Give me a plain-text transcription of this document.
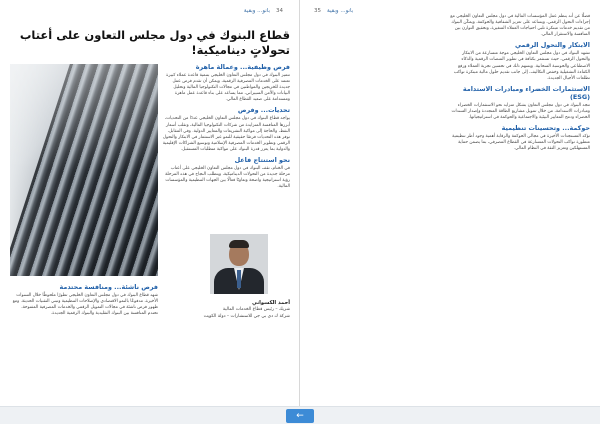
بانو... وبقية 34
قطاع البنوك في دول مجلس التعاون على أعتاب تحولاتٍ ديناميكية!
فرص وظيفية... وعمالة ماهرة

تتميز البنوك في دول مجلس التعاون الخليجي بتنمية قاعدة عملاء كبيرة تعتمد على الخدمات المصرفية الرقمية، ويمكن أن تقدم فرص عمل جديدة للخريجين والمواطنين في مجالات التكنولوجيا المالية وتحليل البيانات والأمن السيبراني، مما يساعد على بناء قاعدة عمل ماهرة ومستدامة على صعيد القطاع المالي.

تحديات... وفرص

يواجه قطاع البنوك في دول مجلس التعاون الخليجي عددًا من التحديات، أبرزها المنافسة المتزايدة من شركات التكنولوجيا المالية، وتقلب أسعار النفط، والحاجة إلى مواكبة التشريعات والمعايير الدولية. وفي المقابل، توفر هذه التحديات فرصًا حقيقية للنمو عبر الاستثمار في الابتكار والتحول الرقمي وتطوير الخدمات المصرفية الإسلامية وتوسيع الشراكات الإقليمية والدولية بما يعزز قدرة البنوك على مواكبة متطلبات المستقبل.

نحو استنتاج فاعل

في الختام، تقف البنوك في دول مجلس التعاون الخليجي على أعتاب مرحلة جديدة من التحولات الديناميكية، ويتطلب النجاح في هذه المرحلة رؤية استراتيجية واضحة وتعاونًا فعالًا بين الجهات التنظيمية والمؤسسات المالية.

فرص ناشئة... ومنافسة محتدمة

شهد قطاع البنوك في دول مجلس التعاون الخليجي تطورًا ملحوظًا خلال السنوات الأخيرة، مدفوعًا بالنمو الاقتصادي والإصلاحات التنظيمية وتبني التقنيات الحديثة. ومع ظهور فرص ناشئة في مجالات التمويل الرقمي والخدمات المصرفية المفتوحة، تحتدم المنافسة بين البنوك التقليدية والبنوك الرقمية الجديدة.

أحمد الكسواني
شريك – رئيس قطاع الخدمات المالية
شركة ك دي بي جي للاستشارات – دولة الكويت
35 بانو... وبقية

فضلًا عن أنه ينظم عمل المؤسسات المالية في دول مجلس التعاون الخليجي مع إجراءات التحول الرقمي، ويساعد على تعزيز الشفافية والحوكمة، ويمكّن البنوك من تقديم خدمات مبتكرة تلبي احتياجات العملاء المتغيرة، وتحقيق التوازن بين المنافسة والاستقرار المالي.

الابتكار والتحول الرقمي

تشهد البنوك في دول مجلس التعاون الخليجي موجة متسارعة من الابتكار والتحول الرقمي، حيث تستثمر بكثافة في تطوير المنصات الرقمية والذكاء الاصطناعي والحوسبة السحابية. ويسهم ذلك في تحسين تجربة العملاء ورفع الكفاءة التشغيلية وخفض التكاليف، إلى جانب تقديم حلول مالية مبتكرة تواكب تطلعات الأجيال الجديدة.

الاستثمارات الخضراء ومبادرات الاستدامة (ESG)

تتجه البنوك في دول مجلس التعاون بشكل متزايد نحو الاستثمارات الخضراء ومبادرات الاستدامة، من خلال تمويل مشاريع الطاقة المتجددة وإصدار السندات الخضراء ودمج المعايير البيئية والاجتماعية والحوكمة في استراتيجياتها.

حوكمة... وتحسينات تنظيمية

تؤكد المستجدات الأخيرة في مجالي الحوكمة والرقابة أهمية وجود أطر تنظيمية متطورة تواكب التحولات المتسارعة في القطاع المصرفي، بما يضمن حماية المستهلكين وتعزيز الثقة في النظام المالي.

←
